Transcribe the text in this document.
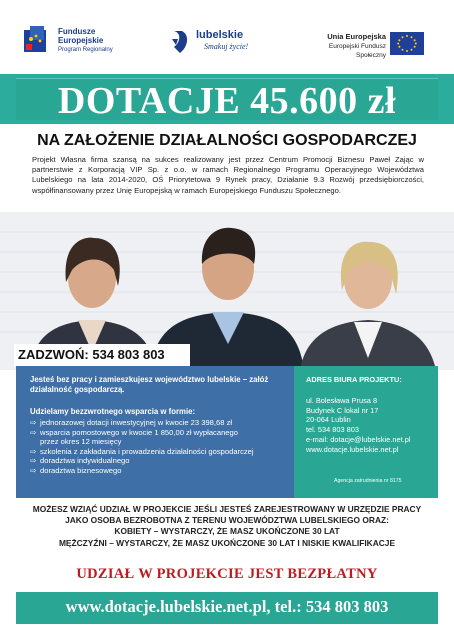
Fundusze
Europejskie
Program Regionalny
lubelskie
Smakuj życie!
Unia Europejska
Europejski Fundusz Społeczny
DOTACJE 45.600 zł
NA ZAŁOŻENIE DZIAŁALNOŚCI GOSPODARCZEJ

Projekt Własna firma szansą na sukces realizowany jest przez Centrum Promocji Biznesu Paweł Zając w partnerstwie z Korporacją VIP Sp. z o.o. w ramach Regionalnego Programu Operacyjnego Województwa Lubelskiego na lata 2014-2020, OŚ Priorytetowa 9 Rynek pracy, Działanie 9.3 Rozwój przedsiębiorczości, współfinansowany przez Unię Europejską w ramach Europejskiego Funduszu Społecznego.

ZADZWOŃ: 534 803 803
Jesteś bez pracy i zamieszkujesz województwo lubelskie – załóż działalność gospodarczą.
Udzielamy bezzwrotnego wsparcia w formie:
⇨ jednorazowej dotacji inwestycyjnej w kwocie 23 398,68 zł
⇨ wsparcia pomostowego w kwocie 1 850,00 zł wypłacanego
przez okres 12 miesięcy
⇨ szkolenia z zakładania i prowadzenia działalności gospodarczej
⇨ doradztwa indywidualnego
⇨ doradztwa biznesowego
ADRES BIURA PROJEKTU:
ul. Bolesława Prusa 8
Budynek C lokal nr 17
20-064 Lublin
tel. 534 803 803
e-mail: dotacje@lubelskie.net.pl
www.dotacje.lubelskie.net.pl
Agencja zatrudnienia nr 8175
MOŻESZ WZIĄĆ UDZIAŁ W PROJEKCIE JEŚLI JESTEŚ ZAREJESTROWANY W URZĘDZIE PRACY
JAKO OSOBA BEZROBOTNA Z TERENU WOJEWÓDZTWA LUBELSKIEGO ORAZ:
KOBIETY – WYSTARCZY, ŻE MASZ UKOŃCZONE 30 LAT
MĘŻCZYŹNI – WYSTARCZY, ŻE MASZ UKOŃCZONE 30 LAT I NISKIE KWALIFIKACJE
UDZIAŁ W PROJEKCIE JEST BEZPŁATNY
www.dotacje.lubelskie.net.pl, tel.: 534 803 803
